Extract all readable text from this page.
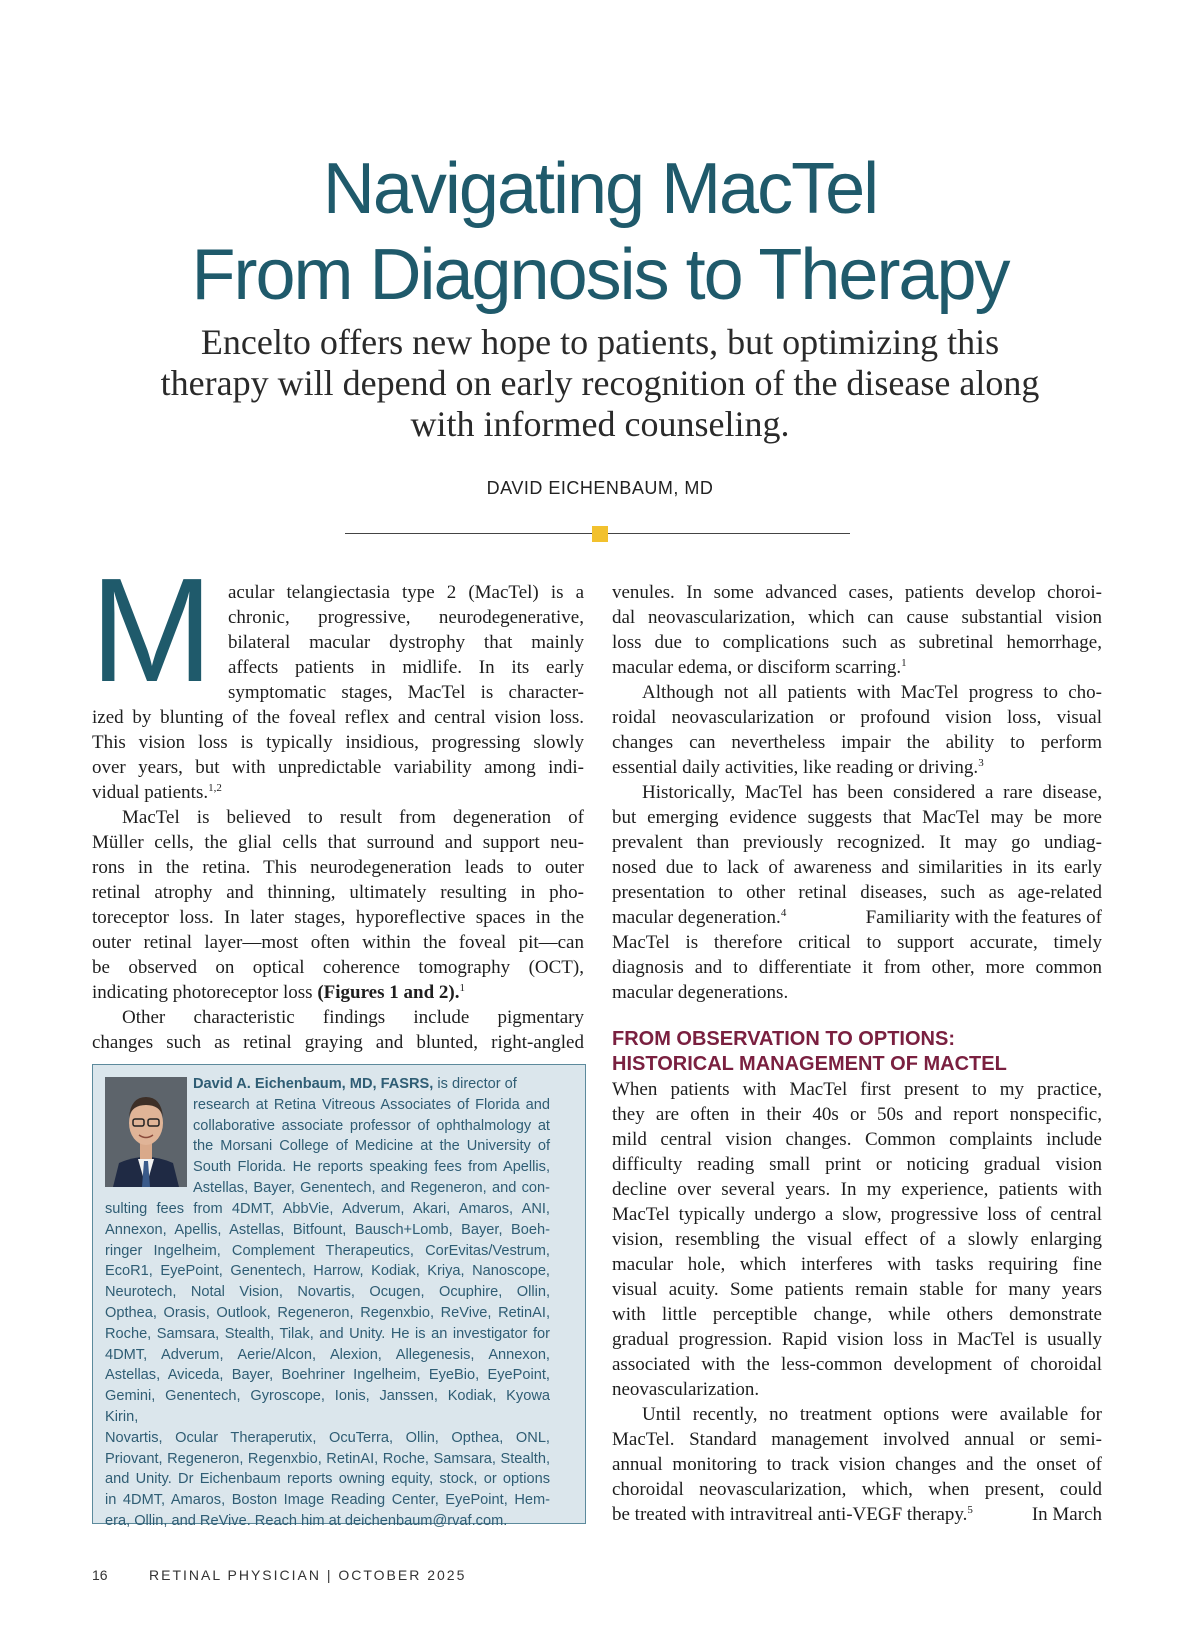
Navigating MacTel
From Diagnosis to Therapy
Encelto offers new hope to patients, but optimizing this
therapy will depend on early recognition of the disease along
with informed counseling.
DAVID EICHENBAUM, MD
M acular telangiectasia type 2 (MacTel) is a
chronic, progressive, neurodegenerative,
bilateral macular dystrophy that mainly
affects patients in midlife. In its early
symptomatic stages, MacTel is character-
ized by blunting of the foveal reflex and central vision loss.
This vision loss is typically insidious, progressing slowly
over years, but with unpredictable variability among indi-
vidual patients.$^{1,2}$
MacTel is believed to result from degeneration of
Müller cells, the glial cells that surround and support neu-
rons in the retina. This neurodegeneration leads to outer
retinal atrophy and thinning, ultimately resulting in pho-
toreceptor loss. In later stages, hyporeflective spaces in the
outer retinal layer—most often within the foveal pit—can
be observed on optical coherence tomography (OCT),
indicating photoreceptor loss (Figures 1 and 2).$^1$
Other characteristic findings include pigmentary
changes such as retinal graying and blunted, right-angled
David A. Eichenbaum, MD, FASRS, is director of
research at Retina Vitreous Associates of Florida and
collaborative associate professor of ophthalmology at
the Morsani College of Medicine at the University of
South Florida. He reports speaking fees from Apellis,
Astellas, Bayer, Genentech, and Regeneron, and con-
sulting fees from 4DMT, AbbVie, Adverum, Akari, Amaros, ANI,
Annexon, Apellis, Astellas, Bitfount, Bausch+Lomb, Bayer, Boeh-
ringer Ingelheim, Complement Therapeutics, CorEvitas/Vestrum,
EcoR1, EyePoint, Genentech, Harrow, Kodiak, Kriya, Nanoscope,
Neurotech, Notal Vision, Novartis, Ocugen, Ocuphire, Ollin,
Opthea, Orasis, Outlook, Regeneron, Regenxbio, ReVive, RetinAI,
Roche, Samsara, Stealth, Tilak, and Unity. He is an investigator for
4DMT, Adverum, Aerie/Alcon, Alexion, Allegenesis, Annexon,
Astellas, Aviceda, Bayer, Boehriner Ingelheim, EyeBio, EyePoint,
Gemini, Genentech, Gyroscope, Ionis, Janssen, Kodiak, Kyowa Kirin,
Novartis, Ocular Theraperutix, OcuTerra, Ollin, Opthea, ONL,
Priovant, Regeneron, Regenxbio, RetinAI, Roche, Samsara, Stealth,
and Unity. Dr Eichenbaum reports owning equity, stock, or options
in 4DMT, Amaros, Boston Image Reading Center, EyePoint, Hem-
era, Ollin, and ReVive. Reach him at deichenbaum@rvaf.com.
venules. In some advanced cases, patients develop choroi-
dal neovascularization, which can cause substantial vision
loss due to complications such as subretinal hemorrhage,
macular edema, or disciform scarring.$^1$
Although not all patients with MacTel progress to cho-
roidal neovascularization or profound vision loss, visual
changes can nevertheless impair the ability to perform
essential daily activities, like reading or driving.$^3$
Historically, MacTel has been considered a rare disease,
but emerging evidence suggests that MacTel may be more
prevalent than previously recognized. It may go undiag-
nosed due to lack of awareness and similarities in its early
presentation to other retinal diseases, such as age-related
macular degeneration.$^4$	Familiarity with the features of
MacTel is therefore critical to support accurate, timely
diagnosis and to differentiate it from other, more common
macular degenerations.
FROM OBSERVATION TO OPTIONS:
HISTORICAL MANAGEMENT OF MACTEL
When patients with MacTel first present to my practice,
they are often in their 40s or 50s and report nonspecific,
mild central vision changes. Common complaints include
difficulty reading small print or noticing gradual vision
decline over several years. In my experience, patients with
MacTel typically undergo a slow, progressive loss of central
vision, resembling the visual effect of a slowly enlarging
macular hole, which interferes with tasks requiring fine
visual acuity. Some patients remain stable for many years
with little perceptible change, while others demonstrate
gradual progression. Rapid vision loss in MacTel is usually
associated with the less-common development of choroidal
neovascularization.
Until recently, no treatment options were available for
MacTel. Standard management involved annual or semi-
annual monitoring to track vision changes and the onset of
choroidal neovascularization, which, when present, could
be treated with intravitreal anti-VEGF therapy.$^5$	In March
16	RETINAL PHYSICIAN | OCTOBER 2025
